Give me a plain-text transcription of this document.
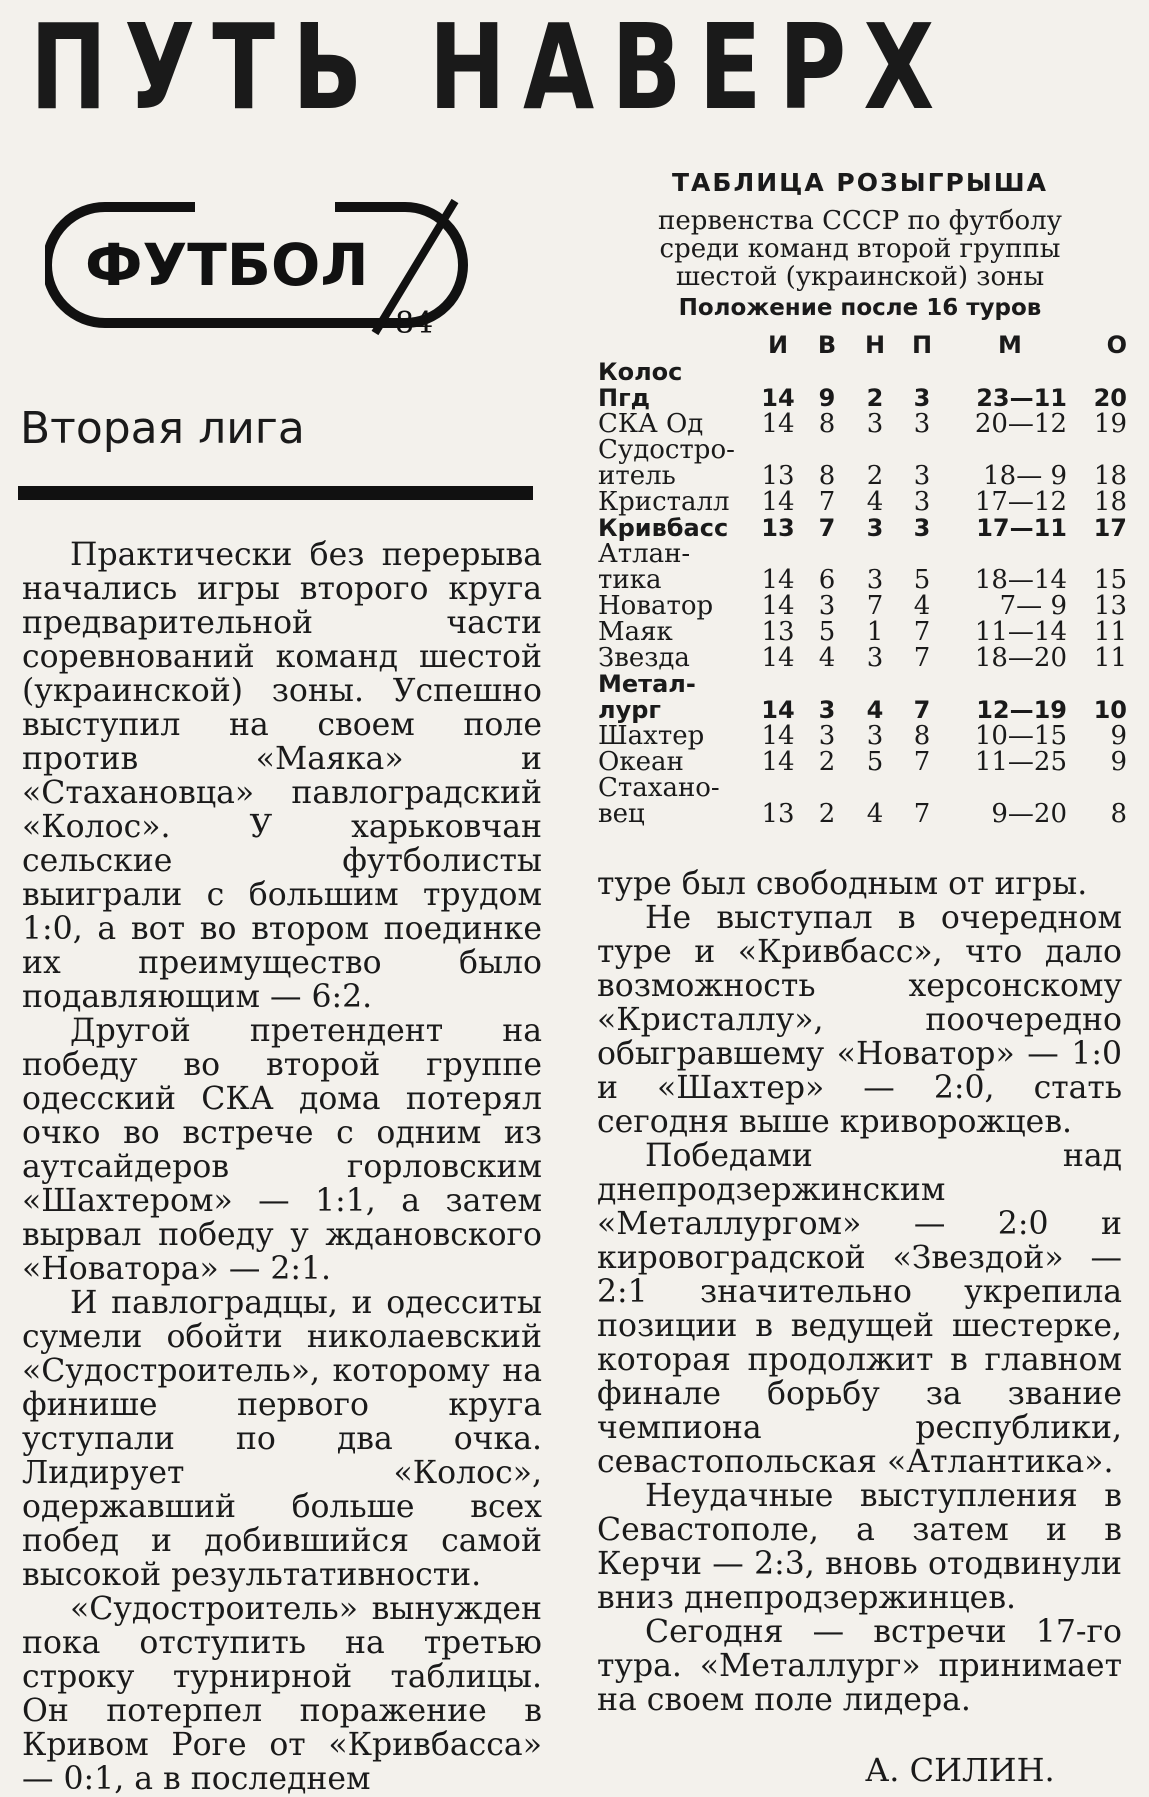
ПУТЬ НАВЕРХ
ФУТБОЛ
84
Вторая лига
ТАБЛИЦА РОЗЫГРЫША
первенства СССР по футболу
среди команд второй группы
шестой (украинской) зоны
Положение после 16 туров
И	В	Н	П	М	О
Колос
Пгд	14 9	2	3	23—11	20
СКА Од	14 8	3	3	20—12	19
Судостро-
итель	13 8	2	3	18— 9	18
Кристалл	14 7	4	3	17—12	18
Кривбасс	13 7	3	3	17—11	17
Атлан-
тика	14 6	3	5	18—14	15
Новатор	14 3	7	4	7— 9	13
Маяк	13 5	1	7	11—14	11
Звезда	14 4	3	7	18—20	11
Метал-
лург	14 3	4	7	12—19	10
Шахтер	14 3	3	8	10—15	9
Океан	14 2	5	7	11—25	9
Стахано-
вец	13 2	4	7	9—20	8

Практически без перерыва начались игры второго круга предварительной части соревнований команд шестой (украинской) зоны. Успешно выступил на своем поле против «Маяка» и «Стахановца» павлоградский «Колос». У харьковчан сельские футболисты выиграли с большим трудом 1:0, а вот во втором поединке их преимущество было подавляющим — 6:2.

Другой претендент на победу во второй группе одесский СКА дома потерял очко во встрече с одним из аутсайдеров горловским «Шахтером» — 1:1, а затем вырвал победу у ждановского «Новатора» — 2:1.

И павлоградцы, и одесситы сумели обойти николаевский «Судостроитель», которому на финише первого круга уступали по два очка. Лидирует «Колос», одержавший больше всех побед и добившийся самой высокой результативности.

«Судостроитель» вынужден пока отступить на третью строку турнирной таблицы. Он потерпел поражение в Кривом Роге от «Кривбасса» — 0:1, а в последнем

туре был свободным от игры.

Не выступал в очередном туре и «Кривбасс», что дало возможность херсонскому «Кристаллу», поочередно обыгравшему «Новатор» — 1:0 и «Шахтер» — 2:0, стать сегодня выше криворожцев.

Победами над днепродзержинским «Металлургом» — 2:0 и кировоградской «Звездой» — 2:1 значительно укрепила позиции в ведущей шестерке, которая продолжит в главном финале борьбу за звание чемпиона республики, севастопольская «Атлантика».

Неудачные выступления в Севастополе, а затем и в Керчи — 2:3, вновь отодвинули вниз днепродзержинцев.

Сегодня — встречи 17-го тура. «Металлург» принимает на своем поле лидера.

А. СИЛИН.
